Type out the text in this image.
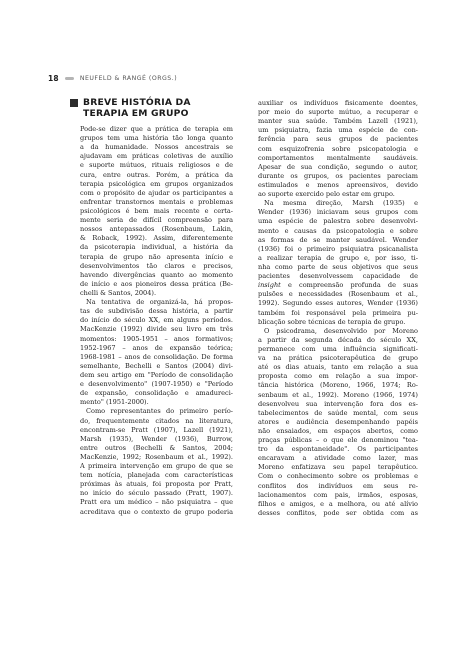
18	NEUFELD & RANGÉ (ORGS.)
BREVE HISTÓRIA DA
TERAPIA EM GRUPO
Pode-se dizer que a prática de terapia em
grupos tem uma história tão longa quanto
a da humanidade. Nossos ancestrais se
ajudavam em práticas coletivas de auxílio
e suporte mútuos, rituais religiosos e de
cura, entre outras. Porém, a prática da
terapia psicológica em grupos organizados
com o propósito de ajudar os participantes a
enfrentar transtornos mentais e problemas
psicológicos é bem mais recente e certa-
mente seria de difícil compreensão para
nossos antepassados (Rosenbaum, Lakin,
& Roback, 1992). Assim, diferentemente
da psicoterapia individual, a história da
terapia de grupo não apresenta início e
desenvolvimentos tão claros e precisos,
havendo divergências quanto ao momento
de início e aos pioneiros dessa prática (Be-
chelli & Santos, 2004).
Na tentativa de organizá-la, há propos-
tas de subdivisão dessa história, a partir
do início do século XX, em alguns períodos.
MacKenzie (1992) divide seu livro em três
momentos: 1905-1951 – anos formativos;
1952-1967 – anos de expansão teórica;
1968-1981 – anos de consolidação. De forma
semelhante, Bechelli e Santos (2004) divi-
dem seu artigo em "Período de consolidação
e desenvolvimento" (1907-1950) e "Período
de expansão, consolidação e amadureci-
mento" (1951-2000).
Como representantes do primeiro perío-
do, frequentemente citados na literatura,
encontram-se Pratt (1907), Lazell (1921),
Marsh (1935), Wender (1936), Burrow,
entre outros (Bechelli & Santos, 2004;
MacKenzie, 1992; Rosenbaum et al., 1992).
A primeira intervenção em grupo de que se
tem notícia, planejada com características
próximas às atuais, foi proposta por Pratt,
no início do século passado (Pratt, 1907).
Pratt era um médico – não psiquiatra – que
acreditava que o contexto de grupo poderia
auxiliar os indivíduos fisicamente doentes,
por meio do suporte mútuo, a recuperar e
manter sua saúde. Também Lazell (1921),
um psiquiatra, fazia uma espécie de con-
ferência para seus grupos de pacientes
com esquizofrenia sobre psicopatologia e
comportamentos mentalmente saudáveis.
Apesar de sua condição, segundo o autor,
durante os grupos, os pacientes pareciam
estimulados e menos apreensivos, devido
ao suporte exercido pelo estar em grupo.
Na mesma direção, Marsh (1935) e
Wender (1936) iniciavam seus grupos com
uma espécie de palestra sobre desenvolvi-
mento e causas da psicopatologia e sobre
as formas de se manter saudável. Wender
(1936) foi o primeiro psiquiatra psicanalista
a realizar terapia de grupo e, por isso, ti-
nha como parte de seus objetivos que seus
pacientes desenvolvessem capacidade de
insight e compreensão profunda de suas
pulsões e necessidades (Rosenbaum et al.,
1992). Segundo esses autores, Wender (1936)
também foi responsável pela primeira pu-
blicação sobre técnicas de terapia de grupo.
O psicodrama, desenvolvido por Moreno
a partir da segunda década do século XX,
permanece com uma influência significati-
va na prática psicoterapêutica de grupo
até os dias atuais, tanto em relação a sua
proposta como em relação a sua impor-
tância histórica (Moreno, 1966, 1974; Ro-
senbaum et al., 1992). Moreno (1966, 1974)
desenvolveu sua intervenção fora dos es-
tabelecimentos de saúde mental, com seus
atores e audiência desempenhando papéis
não ensaiados, em espaços abertos, como
praças públicas – o que ele denominou "tea-
tro da espontaneidade". Os participantes
encaravam a atividade como lazer, mas
Moreno enfatizava seu papel terapêutico.
Com o conhecimento sobre os problemas e
conflitos dos indivíduos em seus re-
lacionamentos com pais, irmãos, esposas,
filhos e amigos, e a melhora, ou até alívio
desses conflitos, pode ser obtida com as
